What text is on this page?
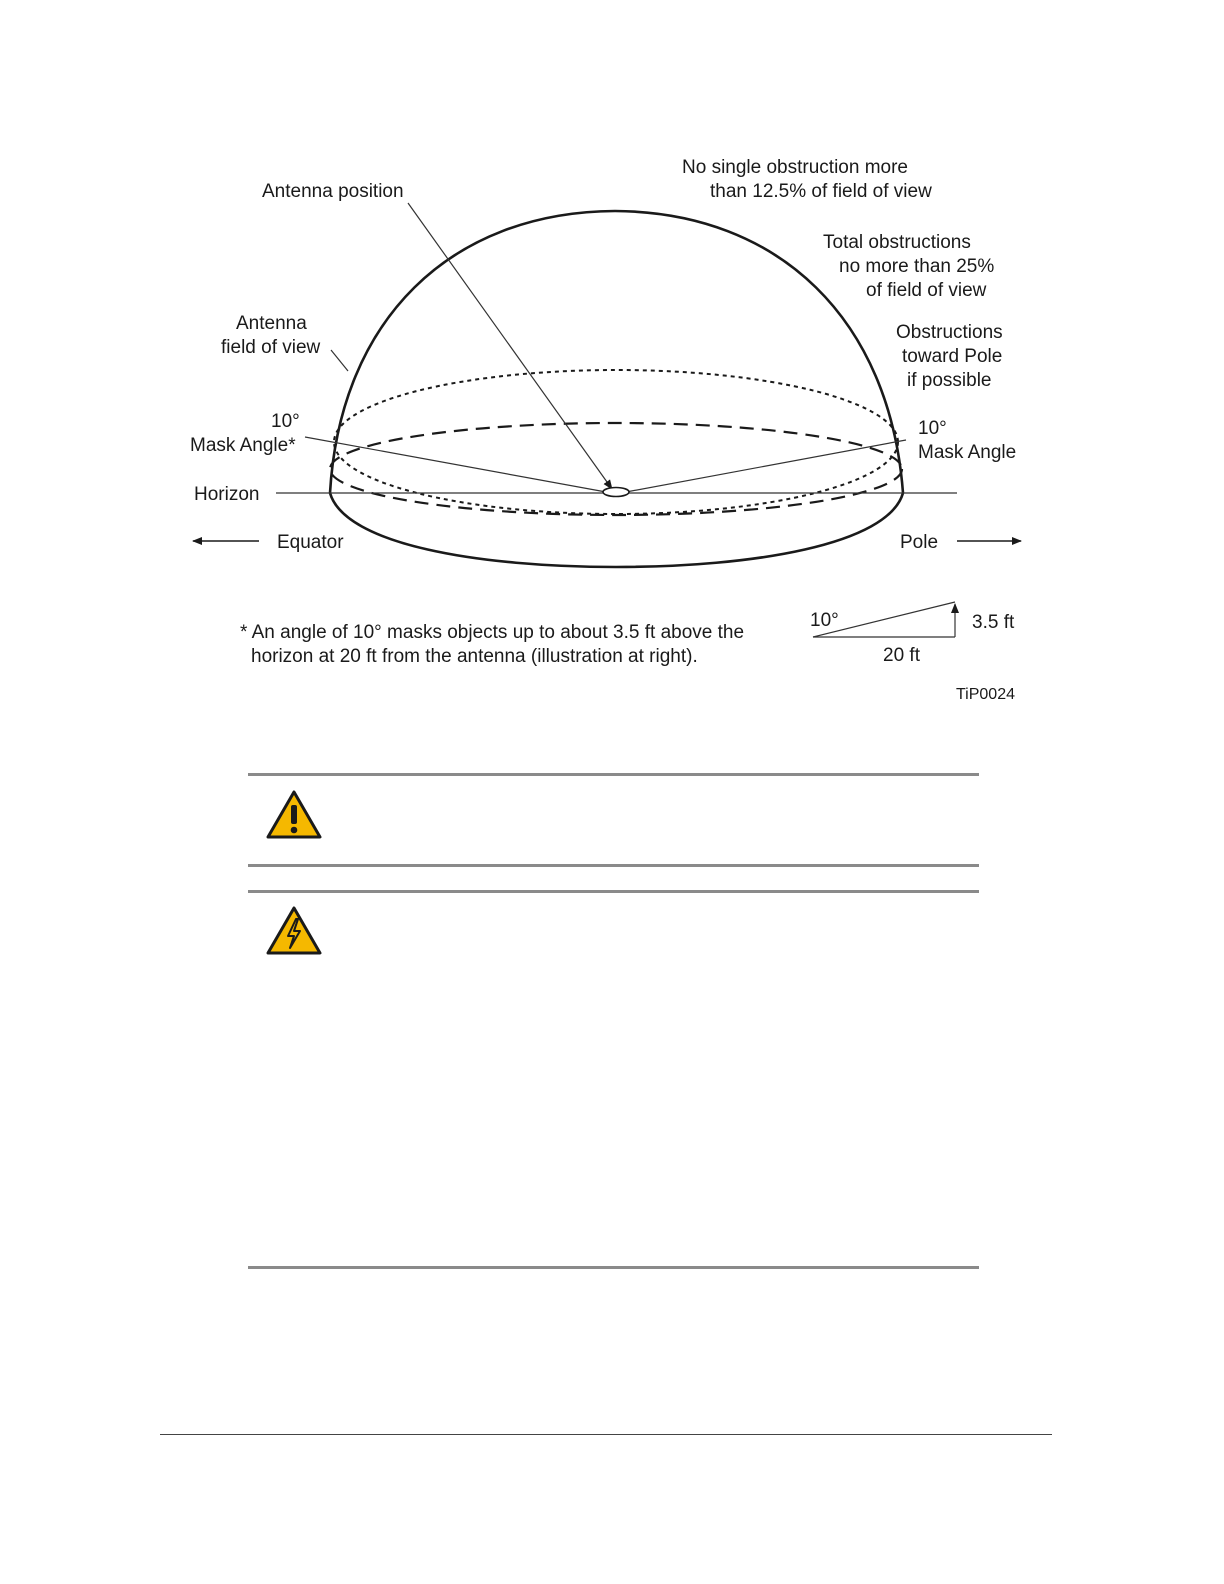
Antenna position
No single obstruction more
than 12.5% of field of view
Total obstructions
no more than 25%
of field of view
Obstructions
toward Pole
if possible
Antenna
field of view
10°
Mask Angle*
10°
Mask Angle
Horizon
Equator	Pole
* An angle of 10° masks objects up to about 3.5 ft above the
horizon at 20 ft from the antenna (illustration at right).
10°	3.5 ft
20 ft
TiP0024
